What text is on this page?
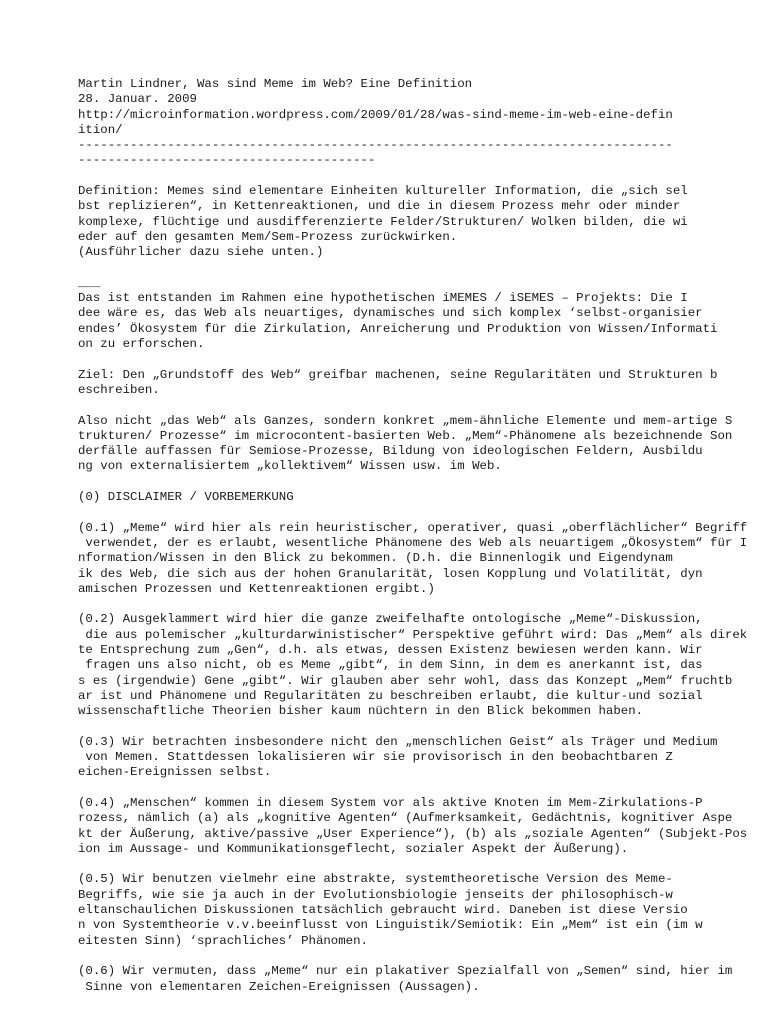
Martin Lindner, Was sind Meme im Web? Eine Definition
28. Januar. 2009
http://microinformation.wordpress.com/2009/01/28/was-sind-meme-im-web-eine-defin
ition/
--------------------------------------------------------------------------------
----------------------------------------
Definition: Memes sind elementare Einheiten kultureller Information, die „sich sel
bst replizieren“, in Kettenreaktionen, und die in diesem Prozess mehr oder minder
komplexe, flüchtige und ausdifferenzierte Felder/Strukturen/ Wolken bilden, die wi
eder auf den gesamten Mem/Sem-Prozess zurückwirken.
(Ausführlicher dazu siehe unten.)
___
Das ist entstanden im Rahmen eine hypothetischen iMEMES / iSEMES – Projekts: Die I
dee wäre es, das Web als neuartiges, dynamisches und sich komplex ‘selbst-organisier
endes’ Ökosystem für die Zirkulation, Anreicherung und Produktion von Wissen/Informati
on zu erforschen.
Ziel: Den „Grundstoff des Web“ greifbar machenen, seine Regularitäten und Strukturen b
eschreiben.
Also nicht „das Web“ als Ganzes, sondern konkret „mem-ähnliche Elemente und mem-artige S
trukturen/ Prozesse“ im microcontent-basierten Web. „Mem“-Phänomene als bezeichnende Son
derfälle auffassen für Semiose-Prozesse, Bildung von ideologischen Feldern, Ausbildu
ng von externalisiertem „kollektivem“ Wissen usw. im Web.
(0) DISCLAIMER / VORBEMERKUNG
(0.1) „Meme“ wird hier als rein heuristischer, operativer, quasi „oberflächlicher“ Begriff
verwendet, der es erlaubt, wesentliche Phänomene des Web als neuartigem „Ökosystem“ für I
nformation/Wissen in den Blick zu bekommen. (D.h. die Binnenlogik und Eigendynam
ik des Web, die sich aus der hohen Granularität, losen Kopplung und Volatilität, dyn
amischen Prozessen und Kettenreaktionen ergibt.)
(0.2) Ausgeklammert wird hier die ganze zweifelhafte ontologische „Meme“-Diskussion,
die aus polemischer „kulturdarwinistischer“ Perspektive geführt wird: Das „Mem“ als direk
te Entsprechung zum „Gen“, d.h. als etwas, dessen Existenz bewiesen werden kann. Wir
fragen uns also nicht, ob es Meme „gibt“, in dem Sinn, in dem es anerkannt ist, das
s es (irgendwie) Gene „gibt“. Wir glauben aber sehr wohl, dass das Konzept „Mem“ fruchtb
ar ist und Phänomene und Regularitäten zu beschreiben erlaubt, die kultur-und sozial
wissenschaftliche Theorien bisher kaum nüchtern in den Blick bekommen haben.
(0.3) Wir betrachten insbesondere nicht den „menschlichen Geist“ als Träger und Medium
von Memen. Stattdessen lokalisieren wir sie provisorisch in den beobachtbaren Z
eichen-Ereignissen selbst.
(0.4) „Menschen“ kommen in diesem System vor als aktive Knoten im Mem-Zirkulations-P
rozess, nämlich (a) als „kognitive Agenten“ (Aufmerksamkeit, Gedächtnis, kognitiver Aspe
kt der Äußerung, aktive/passive „User Experience“), (b) als „soziale Agenten“ (Subjekt-Pos
ion im Aussage- und Kommunikationsgeflecht, sozialer Aspekt der Äußerung).
(0.5) Wir benutzen vielmehr eine abstrakte, systemtheoretische Version des Meme-
Begriffs, wie sie ja auch in der Evolutionsbiologie jenseits der philosophisch-w
eltanschaulichen Diskussionen tatsächlich gebraucht wird. Daneben ist diese Versio
n von Systemtheorie v.v.beeinflusst von Linguistik/Semiotik: Ein „Mem“ ist ein (im w
eitesten Sinn) ‘sprachliches’ Phänomen.
(0.6) Wir vermuten, dass „Meme“ nur ein plakativer Spezialfall von „Semen“ sind, hier im
Sinne von elementaren Zeichen-Ereignissen (Aussagen).
